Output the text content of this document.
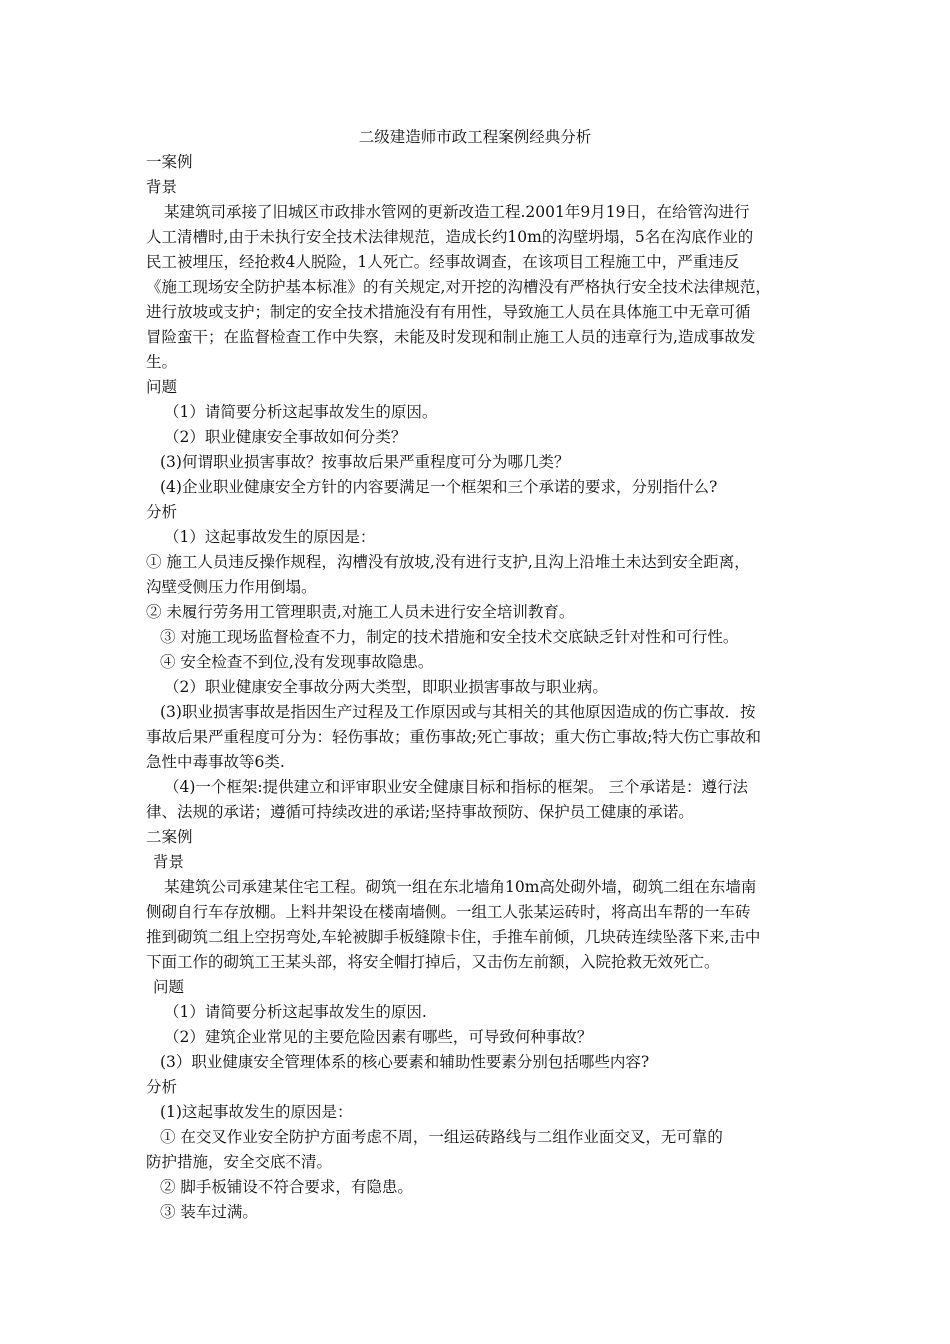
二级建造师市政工程案例经典分析
一案例
背景
某建筑司承接了旧城区市政排水管网的更新改造工程.2001年9月19日，在给管沟进行
人工清槽时,由于未执行安全技术法律规范，造成长约10m的沟壁坍塌，5名在沟底作业的
民工被埋压，经抢救4人脱险，1人死亡。经事故调查，在该项目工程施工中，严重违反
《施工现场安全防护基本标准》的有关规定,对开挖的沟槽没有严格执行安全技术法律规范，
进行放坡或支护；制定的安全技术措施没有有用性，导致施工人员在具体施工中无章可循
冒险蛮干；在监督检查工作中失察，未能及时发现和制止施工人员的违章行为,造成事故发
生。
问题
（1）请简要分析这起事故发生的原因。
（2）职业健康安全事故如何分类？
(3)何谓职业损害事故？按事故后果严重程度可分为哪几类？
(4)企业职业健康安全方针的内容要满足一个框架和三个承诺的要求，分别指什么?
分析
（1）这起事故发生的原因是：
① 施工人员违反操作规程，沟槽没有放坡,没有进行支护,且沟上沿堆土未达到安全距离，
沟壁受侧压力作用倒塌。
② 未履行劳务用工管理职责,对施工人员未进行安全培训教育。
③ 对施工现场监督检查不力，制定的技术措施和安全技术交底缺乏针对性和可行性。
④ 安全检查不到位,没有发现事故隐患。
（2）职业健康安全事故分两大类型，即职业损害事故与职业病。
(3)职业损害事故是指因生产过程及工作原因或与其相关的其他原因造成的伤亡事故．按
事故后果严重程度可分为：轻伤事故；重伤事故;死亡事故；重大伤亡事故;特大伤亡事故和
急性中毒事故等6类.
（4)一个框架:提供建立和评审职业安全健康目标和指标的框架。 三个承诺是：遵行法
律、法规的承诺；遵循可持续改进的承诺;坚持事故预防、保护员工健康的承诺。
二案例
背景
某建筑公司承建某住宅工程。砌筑一组在东北墙角10m高处砌外墙，砌筑二组在东墙南
侧砌自行车存放棚。上料井架设在楼南墙侧。一组工人张某运砖时，将高出车帮的一车砖
推到砌筑二组上空拐弯处,车轮被脚手板缝隙卡住，手推车前倾，几块砖连续坠落下来,击中
下面工作的砌筑工王某头部，将安全帽打掉后，又击伤左前额，入院抢救无效死亡。
问题
（1）请简要分析这起事故发生的原因.
（2）建筑企业常见的主要危险因素有哪些，可导致何种事故？
(3）职业健康安全管理体系的核心要素和辅助性要素分别包括哪些内容?
分析
(1)这起事故发生的原因是：
① 在交叉作业安全防护方面考虑不周，一组运砖路线与二组作业面交叉，无可靠的
防护措施，安全交底不清。
② 脚手板铺设不符合要求，有隐患。
③ 装车过满。
